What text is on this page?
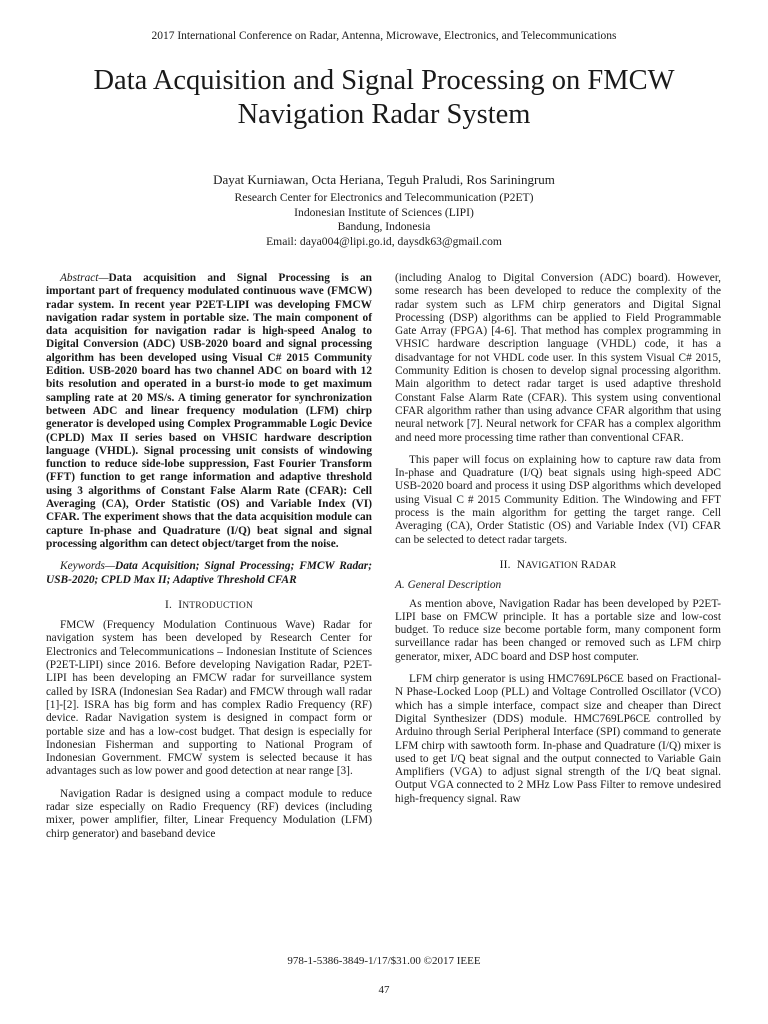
2017 International Conference on Radar, Antenna, Microwave, Electronics, and Telecommunications
Data Acquisition and Signal Processing on FMCW
Navigation Radar System
Dayat Kurniawan, Octa Heriana, Teguh Praludi, Ros Sariningrum
Research Center for Electronics and Telecommunication (P2ET)
Indonesian Institute of Sciences (LIPI)
Bandung, Indonesia
Email: daya004@lipi.go.id, daysdk63@gmail.com

Abstract—Data acquisition and Signal Processing is an important part of frequency modulated continuous wave (FMCW) radar system. In recent year P2ET-LIPI was developing FMCW navigation radar system in portable size. The main component of data acquisition for navigation radar is high-speed Analog to Digital Conversion (ADC) USB-2020 board and signal processing algorithm has been developed using Visual C# 2015 Community Edition. USB-2020 board has two channel ADC on board with 12 bits resolution and operated in a burst-io mode to get maximum sampling rate at 20 MS/s. A timing generator for synchronization between ADC and linear frequency modulation (LFM) chirp generator is developed using Complex Programmable Logic Device (CPLD) Max II series based on VHSIC hardware description language (VHDL). Signal processing unit consists of windowing function to reduce side-lobe suppression, Fast Fourier Transform (FFT) function to get range information and adaptive threshold using 3 algorithms of Constant False Alarm Rate (CFAR): Cell Averaging (CA), Order Statistic (OS) and Variable Index (VI) CFAR. The experiment shows that the data acquisition module can capture In-phase and Quadrature (I/Q) beat signal and signal processing algorithm can detect object/target from the noise.

Keywords—Data Acquisition; Signal Processing; FMCW Radar; USB-2020; CPLD Max II; Adaptive Threshold CFAR

I. INTRODUCTION

FMCW (Frequency Modulation Continuous Wave) Radar for navigation system has been developed by Research Center for Electronics and Telecommunications – Indonesian Institute of Sciences (P2ET-LIPI) since 2016. Before developing Navigation Radar, P2ET-LIPI has been developing an FMCW radar for surveillance system called by ISRA (Indonesian Sea Radar) and FMCW through wall radar [1]-[2]. ISRA has big form and has complex Radio Frequency (RF) device. Radar Navigation system is designed in compact form or portable size and has a low-cost budget. That design is especially for Indonesian Fisherman and supporting to National Program of Indonesian Government. FMCW system is selected because it has advantages such as low power and good detection at near range [3].

Navigation Radar is designed using a compact module to reduce radar size especially on Radio Frequency (RF) devices (including mixer, power amplifier, filter, Linear Frequency Modulation (LFM) chirp generator) and baseband device

(including Analog to Digital Conversion (ADC) board). However, some research has been developed to reduce the complexity of the radar system such as LFM chirp generators and Digital Signal Processing (DSP) algorithms can be applied to Field Programmable Gate Array (FPGA) [4-6]. That method has complex programming in VHSIC hardware description language (VHDL) code, it has a disadvantage for not VHDL code user. In this system Visual C# 2015, Community Edition is chosen to develop signal processing algorithm. Main algorithm to detect radar target is used adaptive threshold Constant False Alarm Rate (CFAR). This system using conventional CFAR algorithm rather than using advance CFAR algorithm that using neural network [7]. Neural network for CFAR has a complex algorithm and need more processing time rather than conventional CFAR.

This paper will focus on explaining how to capture raw data from In-phase and Quadrature (I/Q) beat signals using high-speed ADC USB-2020 board and process it using DSP algorithms which developed using Visual C # 2015 Community Edition. The Windowing and FFT process is the main algorithm for getting the target range. Cell Averaging (CA), Order Statistic (OS) and Variable Index (VI) CFAR can be selected to detect radar targets.

II. NAVIGATION RADAR

A. General Description

As mention above, Navigation Radar has been developed by P2ET-LIPI base on FMCW principle. It has a portable size and low-cost budget. To reduce size become portable form, many component form surveillance radar has been changed or removed such as LFM chirp generator, mixer, ADC board and DSP host computer.

LFM chirp generator is using HMC769LP6CE based on Fractional-N Phase-Locked Loop (PLL) and Voltage Controlled Oscillator (VCO) which has a simple interface, compact size and cheaper than Direct Digital Synthesizer (DDS) module. HMC769LP6CE controlled by Arduino through Serial Peripheral Interface (SPI) command to generate LFM chirp with sawtooth form. In-phase and Quadrature (I/Q) mixer is used to get I/Q beat signal and the output connected to Variable Gain Amplifiers (VGA) to adjust signal strength of the I/Q beat signal. Output VGA connected to 2 MHz Low Pass Filter to remove undesired high-frequency signal. Raw

978-1-5386-3849-1/17/$31.00 ©2017 IEEE
47
